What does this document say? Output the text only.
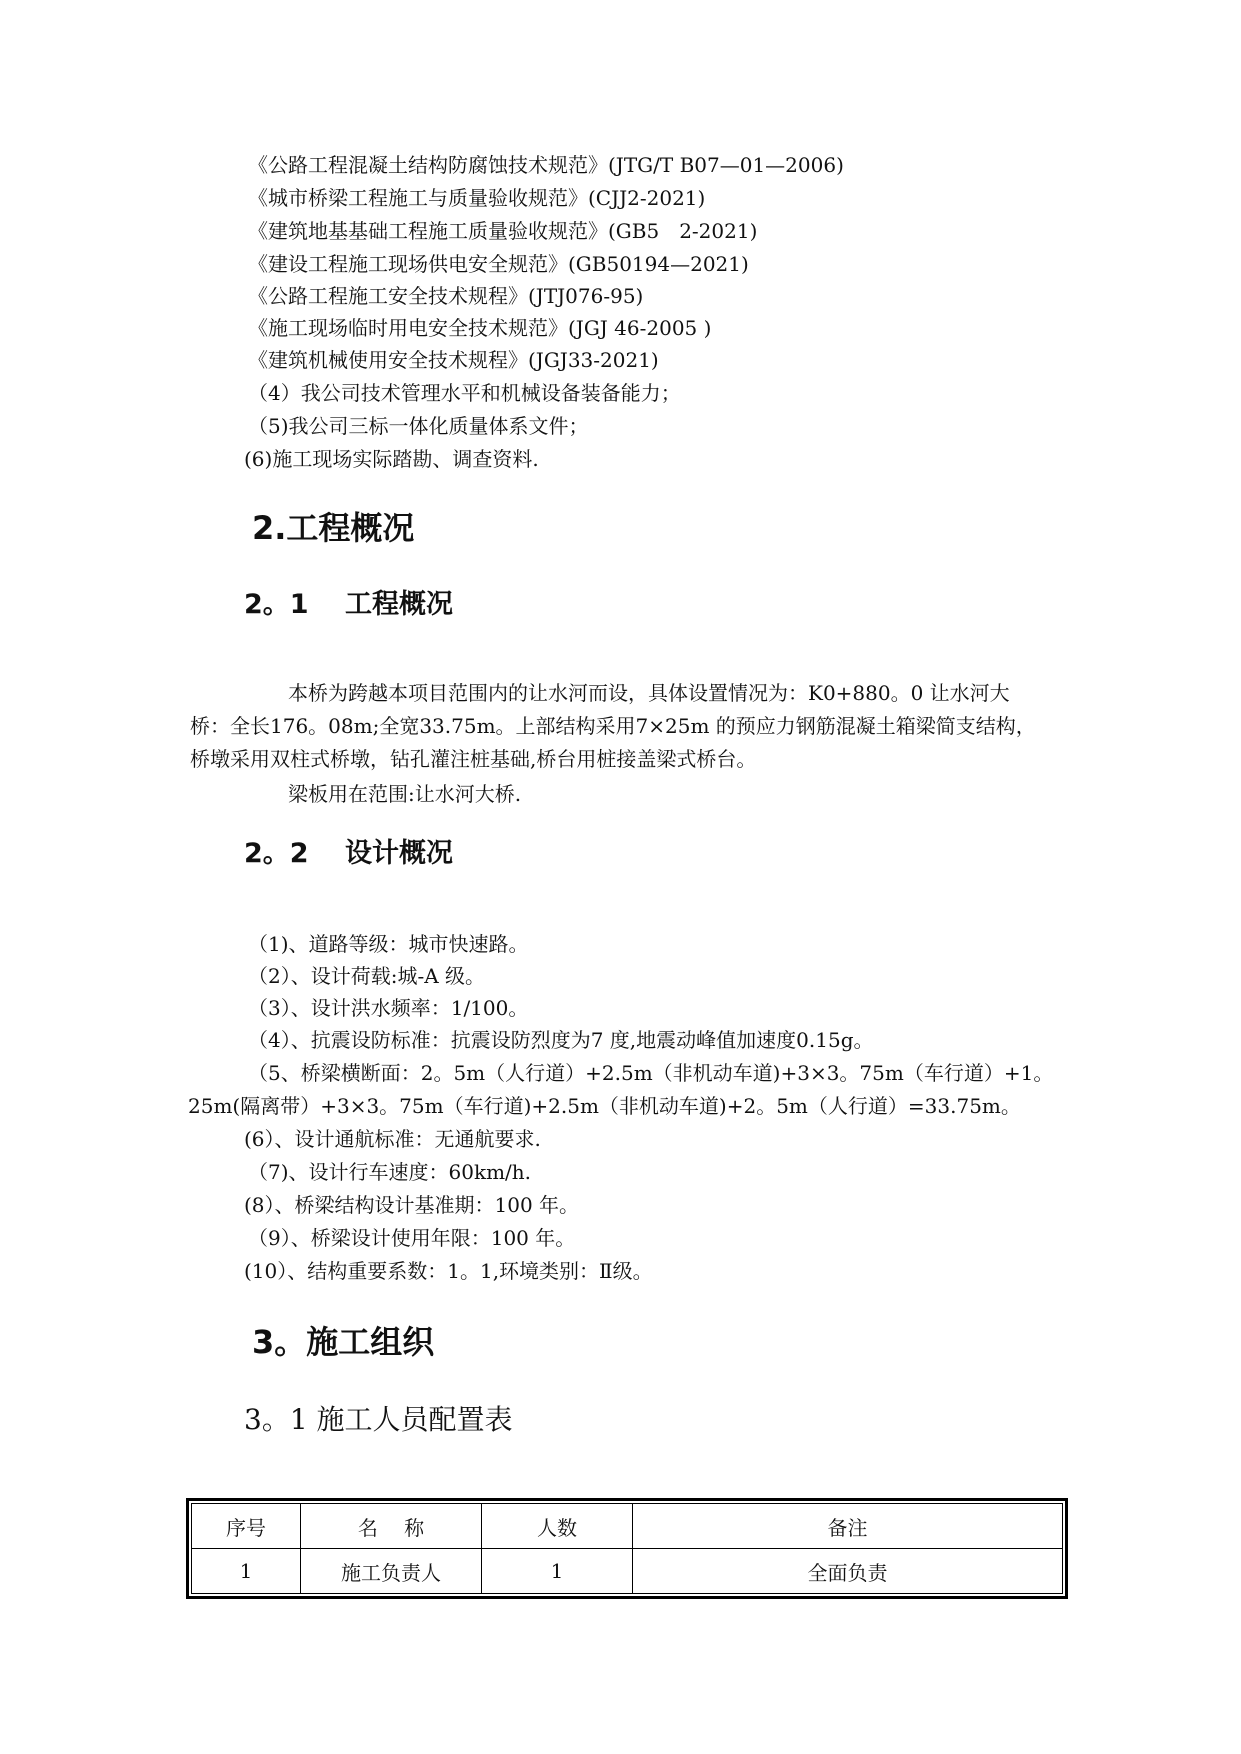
《公路工程混凝土结构防腐蚀技术规范》(JTG/T B07—01—2006)
《城市桥梁工程施工与质量验收规范》(CJJ2-2021)
《建筑地基基础工程施工质量验收规范》(GB5　2-2021)
《建设工程施工现场供电安全规范》(GB50194—2021)
《公路工程施工安全技术规程》(JTJ076-95)
《施工现场临时用电安全技术规范》(JGJ 46-2005 )
《建筑机械使用安全技术规程》(JGJ33-2021)
（4）我公司技术管理水平和机械设备装备能力；
（5)我公司三标一体化质量体系文件；
(6)施工现场实际踏勘、调查资料.
2.工程概况
2。1　 工程概况
本桥为跨越本项目范围内的让水河而设，具体设置情况为：K0+880。0 让水河大
桥：全长176。08m;全宽33.75m。上部结构采用7×25m 的预应力钢筋混凝土箱梁简支结构，
桥墩采用双柱式桥墩，钻孔灌注桩基础,桥台用桩接盖梁式桥台。
梁板用在范围:让水河大桥.
2。2　 设计概况
（1)、道路等级：城市快速路。
（2）、设计荷载:城-A 级。
（3）、设计洪水频率：1/100。
（4）、抗震设防标准：抗震设防烈度为7 度,地震动峰值加速度0.15g。
（5、桥梁横断面：2。5m（人行道）+2.5m（非机动车道)+3×3。75m（车行道）+1。
25m(隔离带）+3×3。75m（车行道)+2.5m（非机动车道)+2。5m（人行道）=33.75m。
(6）、设计通航标准：无通航要求.
（7)、设计行车速度：60km/h.
(8）、桥梁结构设计基准期：100 年。
（9）、桥梁设计使用年限：100 年。
(10）、结构重要系数：1。1,环境类别：Ⅱ级。
3。施工组织
3。1 施工人员配置表
序号	名　 称	人数	备注
1	施工负责人	1	全面负责
